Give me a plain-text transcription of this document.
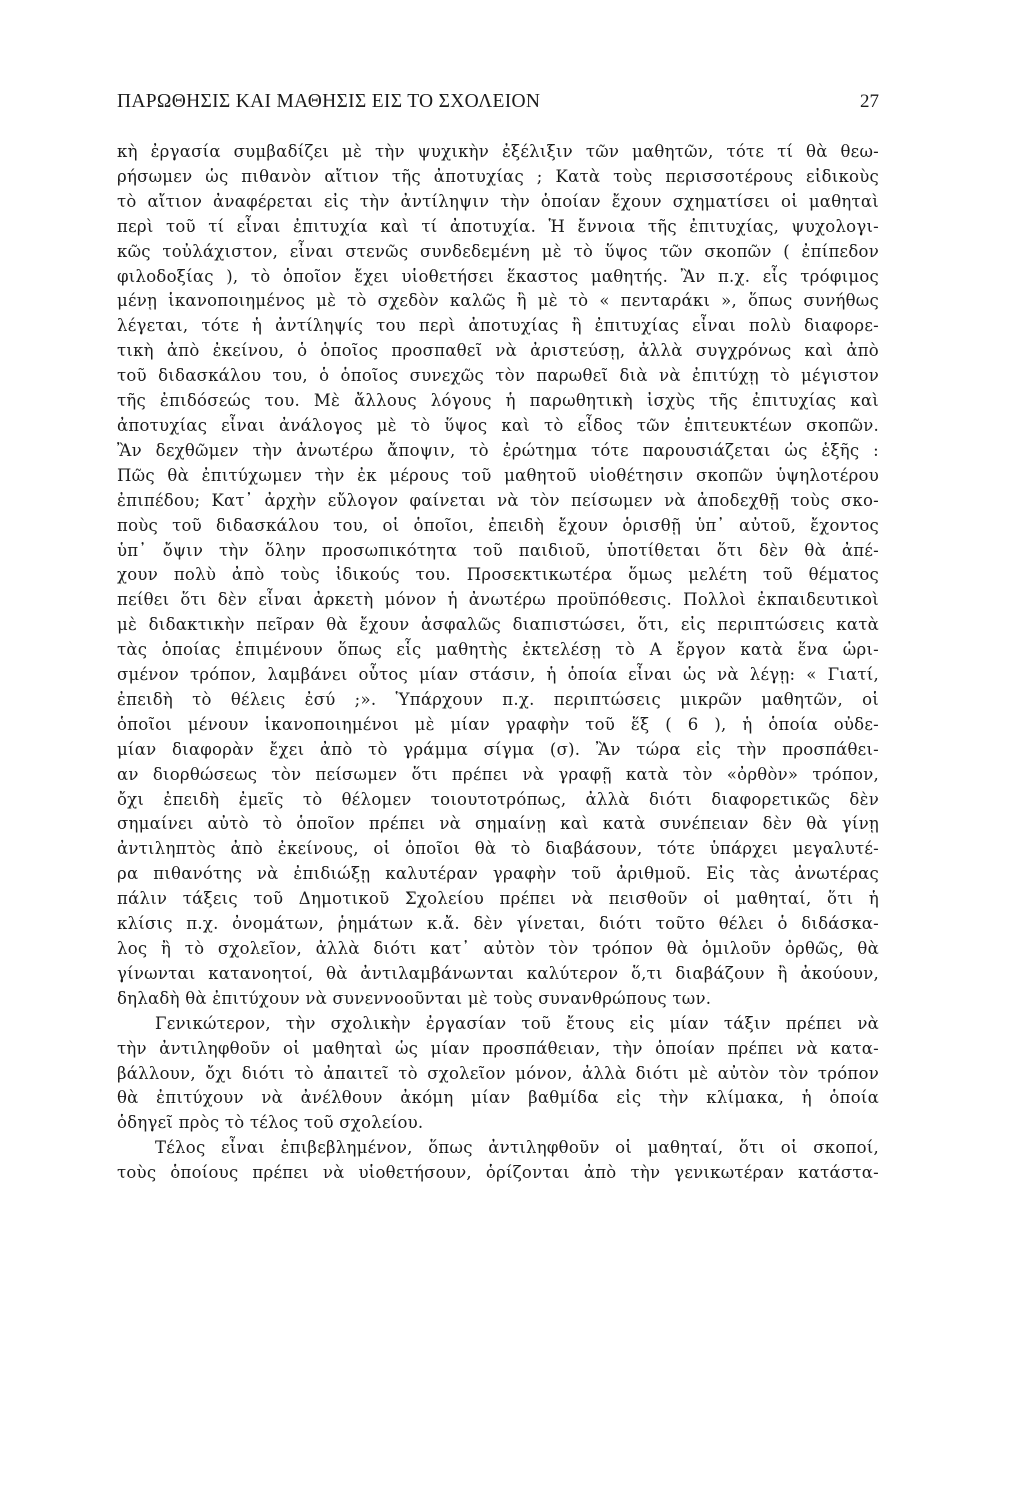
ΠΑΡΩΘΗΣΙΣ ΚΑΙ ΜΑΘΗΣΙΣ ΕΙΣ ΤΟ ΣΧΟΛΕΙΟΝ	27
κὴ ἐργασία συμβαδίζει μὲ τὴν ψυχικὴν ἐξέλιξιν τῶν μαθητῶν, τότε τί θὰ θεω-
ρήσωμεν ὡς πιθανὸν αἴτιον τῆς ἀποτυχίας ; Κατὰ τοὺς περισσοτέρους εἰδικοὺς
τὸ αἴτιον ἀναφέρεται εἰς τὴν ἀντίληψιν τὴν ὁποίαν ἔχουν σχηματίσει οἱ μαθηταὶ
περὶ τοῦ τί εἶναι ἐπιτυχία καὶ τί ἀποτυχία. Ἡ ἔννοια τῆς ἐπιτυχίας, ψυχολογι-
κῶς τοὐλάχιστον, εἶναι στενῶς συνδεδεμένη μὲ τὸ ὕψος τῶν σκοπῶν ( ἐπίπεδον
φιλοδοξίας ), τὸ ὁποῖον ἔχει υἱοθετήσει ἕκαστος μαθητής. Ἂν π.χ. εἷς τρόφιμος
μένῃ ἱκανοποιημένος μὲ τὸ σχεδὸν καλῶς ἢ μὲ τὸ « πενταράκι », ὅπως συνήθως
λέγεται, τότε ἡ ἀντίληψίς του περὶ ἀποτυχίας ἢ ἐπιτυχίας εἶναι πολὺ διαφορε-
τικὴ ἀπὸ ἐκείνου, ὁ ὁποῖος προσπαθεῖ νὰ ἀριστεύσῃ, ἀλλὰ συγχρόνως καὶ ἀπὸ
τοῦ διδασκάλου του, ὁ ὁποῖος συνεχῶς τὸν παρωθεῖ διὰ νὰ ἐπιτύχῃ τὸ μέγιστον
τῆς ἐπιδόσεώς του. Μὲ ἄλλους λόγους ἡ παρωθητικὴ ἰσχὺς τῆς ἐπιτυχίας καὶ
ἀποτυχίας εἶναι ἀνάλογος μὲ τὸ ὕψος καὶ τὸ εἶδος τῶν ἐπιτευκτέων σκοπῶν.
Ἂν δεχθῶμεν τὴν ἀνωτέρω ἄποψιν, τὸ ἐρώτημα τότε παρουσιάζεται ὡς ἑξῆς :
Πῶς θὰ ἐπιτύχωμεν τὴν ἐκ μέρους τοῦ μαθητοῦ υἱοθέτησιν σκοπῶν ὑψηλοτέρου
ἐπιπέδου; Κατ᾽ ἀρχὴν εὔλογον φαίνεται νὰ τὸν πείσωμεν νὰ ἀποδεχθῇ τοὺς σκο-
ποὺς τοῦ διδασκάλου του, οἱ ὁποῖοι, ἐπειδὴ ἔχουν ὁρισθῇ ὑπ᾽ αὐτοῦ, ἔχοντος
ὑπ᾽ ὄψιν τὴν ὅλην προσωπικότητα τοῦ παιδιοῦ, ὑποτίθεται ὅτι δὲν θὰ ἀπέ-
χουν πολὺ ἀπὸ τοὺς ἰδικούς του. Προσεκτικωτέρα ὅμως μελέτη τοῦ θέματος
πείθει ὅτι δὲν εἶναι ἀρκετὴ μόνον ἡ ἀνωτέρω προϋπόθεσις. Πολλοὶ ἐκπαιδευτικοὶ
μὲ διδακτικὴν πεῖραν θὰ ἔχουν ἀσφαλῶς διαπιστώσει, ὅτι, εἰς περιπτώσεις κατὰ
τὰς ὁποίας ἐπιμένουν ὅπως εἷς μαθητὴς ἐκτελέσῃ τὸ Α ἔργον κατὰ ἕνα ὡρι-
σμένον τρόπον, λαμβάνει οὗτος μίαν στάσιν, ἡ ὁποία εἶναι ὡς νὰ λέγῃ: « Γιατί,
ἐπειδὴ τὸ θέλεις ἐσύ ;». Ὑπάρχουν π.χ. περιπτώσεις μικρῶν μαθητῶν, οἱ
ὁποῖοι μένουν ἱκανοποιημένοι μὲ μίαν γραφὴν τοῦ ἕξ ( 6 ), ἡ ὁποία οὐδε-
μίαν διαφορὰν ἔχει ἀπὸ τὸ γράμμα σίγμα (σ). Ἂν τώρα εἰς τὴν προσπάθει-
αν διορθώσεως τὸν πείσωμεν ὅτι πρέπει νὰ γραφῇ κατὰ τὸν «ὀρθὸν» τρόπον,
ὄχι ἐπειδὴ ἐμεῖς τὸ θέλομεν τοιουτοτρόπως, ἀλλὰ διότι διαφορετικῶς δὲν
σημαίνει αὐτὸ τὸ ὁποῖον πρέπει νὰ σημαίνῃ καὶ κατὰ συνέπειαν δὲν θὰ γίνῃ
ἀντιληπτὸς ἀπὸ ἐκείνους, οἱ ὁποῖοι θὰ τὸ διαβάσουν, τότε ὑπάρχει μεγαλυτέ-
ρα πιθανότης νὰ ἐπιδιώξῃ καλυτέραν γραφὴν τοῦ ἀριθμοῦ. Εἰς τὰς ἀνωτέρας
πάλιν τάξεις τοῦ Δημοτικοῦ Σχολείου πρέπει νὰ πεισθοῦν οἱ μαθηταί, ὅτι ἡ
κλίσις π.χ. ὀνομάτων, ῥημάτων κ.ἄ. δὲν γίνεται, διότι τοῦτο θέλει ὁ διδάσκα-
λος ἢ τὸ σχολεῖον, ἀλλὰ διότι κατ᾽ αὐτὸν τὸν τρόπον θὰ ὁμιλοῦν ὀρθῶς, θὰ
γίνωνται κατανοητοί, θὰ ἀντιλαμβάνωνται καλύτερον ὅ,τι διαβάζουν ἢ ἀκούουν,
δηλαδὴ θὰ ἐπιτύχουν νὰ συνεννοοῦνται μὲ τοὺς συνανθρώπους των.
Γενικώτερον, τὴν σχολικὴν ἐργασίαν τοῦ ἔτους εἰς μίαν τάξιν πρέπει νὰ
τὴν ἀντιληφθοῦν οἱ μαθηταὶ ὡς μίαν προσπάθειαν, τὴν ὁποίαν πρέπει νὰ κατα-
βάλλουν, ὄχι διότι τὸ ἀπαιτεῖ τὸ σχολεῖον μόνον, ἀλλὰ διότι μὲ αὐτὸν τὸν τρόπον
θὰ ἐπιτύχουν νὰ ἀνέλθουν ἀκόμη μίαν βαθμίδα εἰς τὴν κλίμακα, ἡ ὁποία
ὁδηγεῖ πρὸς τὸ τέλος τοῦ σχολείου.
Τέλος εἶναι ἐπιβεβλημένον, ὅπως ἀντιληφθοῦν οἱ μαθηταί, ὅτι οἱ σκοποί,
τοὺς ὁποίους πρέπει νὰ υἱοθετήσουν, ὁρίζονται ἀπὸ τὴν γενικωτέραν κατάστα-
